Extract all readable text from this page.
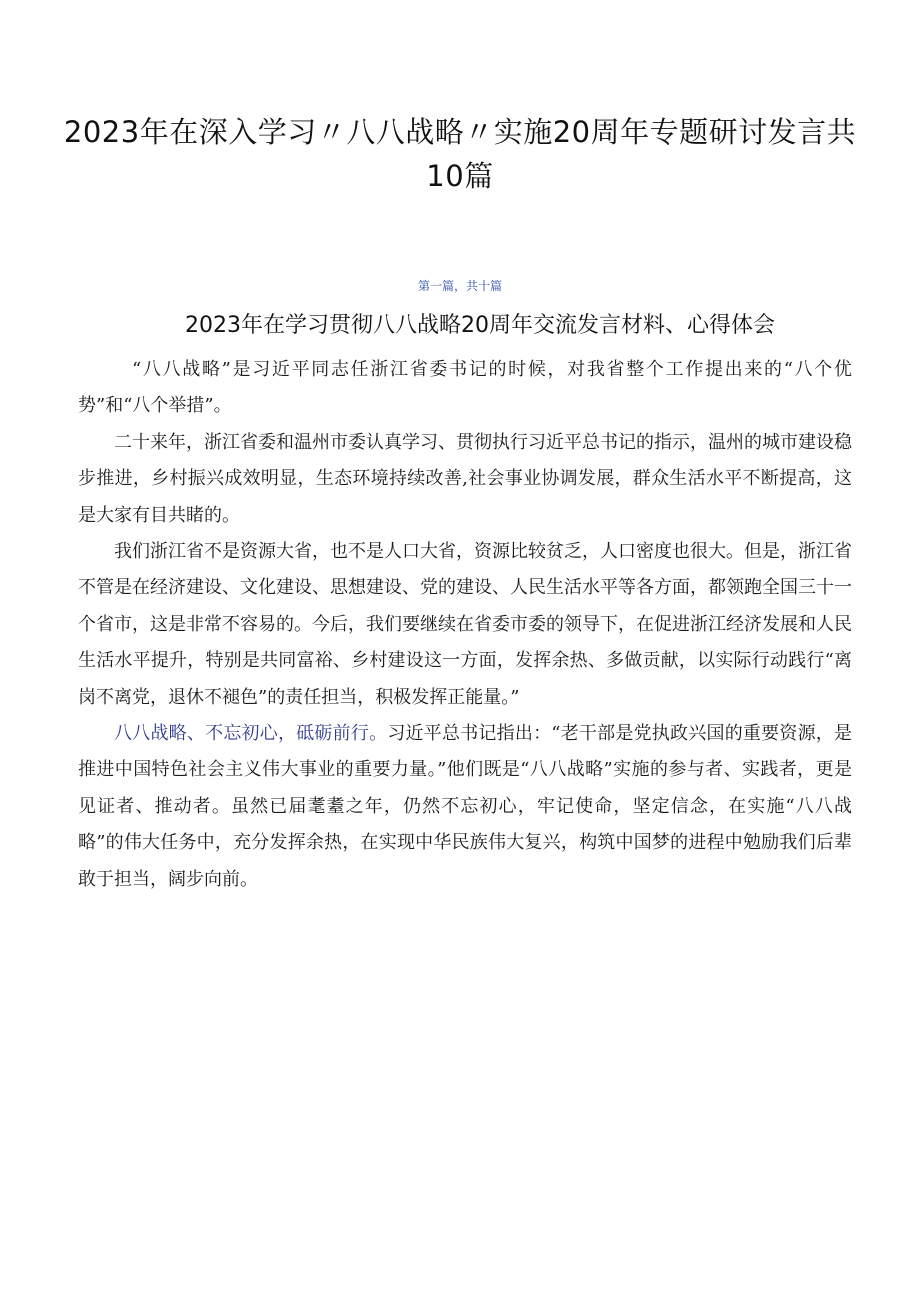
2023年在深入学习〃八八战略〃实施20周年专题研讨发言共10篇
第一篇，共十篇
2023年在学习贯彻八八战略20周年交流发言材料、心得体会

“八八战略”是习近平同志任浙江省委书记的时候，对我省整个工作提出来的“八个优势”和“八个举措”。

二十来年，浙江省委和温州市委认真学习、贯彻执行习近平总书记的指示，温州的城市建设稳步推进，乡村振兴成效明显，生态环境持续改善,社会事业协调发展，群众生活水平不断提高，这是大家有目共睹的。

我们浙江省不是资源大省，也不是人口大省，资源比较贫乏，人口密度也很大。但是，浙江省不管是在经济建设、文化建设、思想建设、党的建设、人民生活水平等各方面，都领跑全国三十一个省市，这是非常不容易的。今后，我们要继续在省委市委的领导下，在促进浙江经济发展和人民生活水平提升，特别是共同富裕、乡村建设这一方面，发挥余热、多做贡献，以实际行动践行“离岗不离党，退休不褪色”的责任担当，积极发挥正能量。”

八八战略、不忘初心，砥砺前行。习近平总书记指出：“老干部是党执政兴国的重要资源，是推进中国特色社会主义伟大事业的重要力量。”他们既是“八八战略”实施的参与者、实践者，更是见证者、推动者。虽然已届耄耋之年，仍然不忘初心，牢记使命，坚定信念，在实施“八八战略”的伟大任务中，充分发挥余热，在实现中华民族伟大复兴，构筑中国梦的进程中勉励我们后辈敢于担当，阔步向前。
